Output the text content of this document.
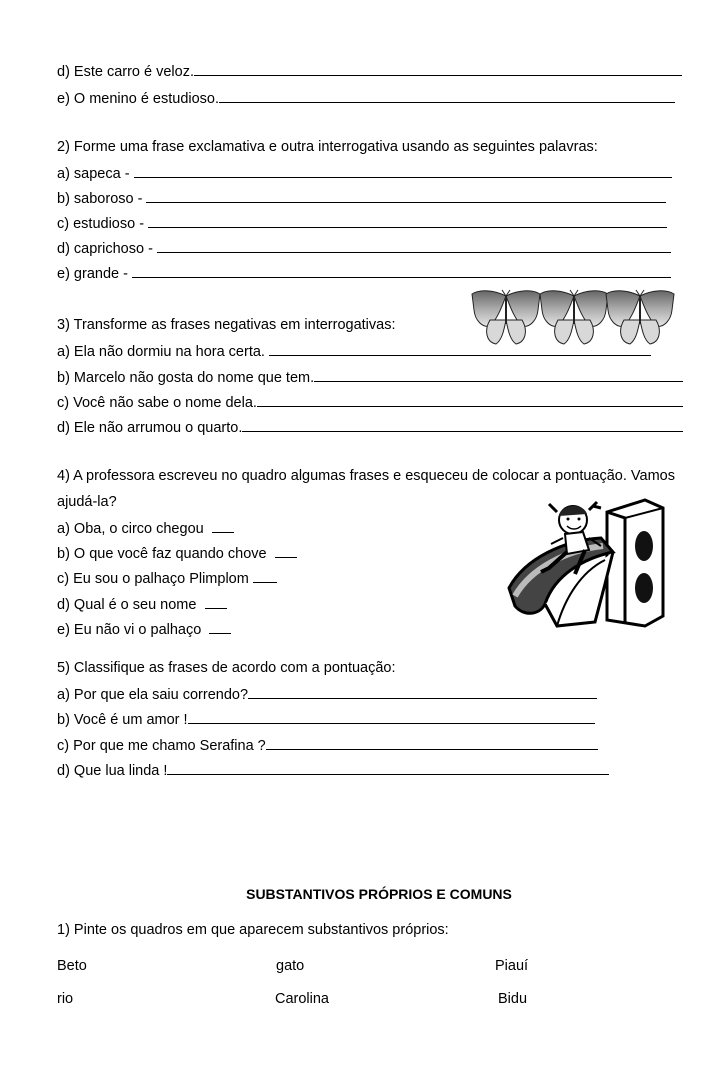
d) Este carro é veloz.
e) O menino é estudioso.
2) Forme uma frase exclamativa e outra interrogativa usando as seguintes palavras:
a) sapeca -
b) saboroso -
c) estudioso -
d) caprichoso -
e) grande -
3) Transforme as frases negativas em interrogativas:
a) Ela não dormiu na hora certa.
b) Marcelo não gosta do nome que tem.
c) Você não sabe o nome dela.
d) Ele não arrumou o quarto.
4) A professora escreveu no quadro algumas frases e esqueceu de colocar a pontuação. Vamos
ajudá-la?
a) Oba, o circo chegou
b) O que você faz quando chove
c) Eu sou o palhaço Plimplom
d) Qual é o seu nome
e) Eu não vi o palhaço
5) Classifique as frases de acordo com a pontuação:
a) Por que ela saiu correndo?
b) Você é um amor !
c) Por que me chamo Serafina ?
d) Que lua linda !
SUBSTANTIVOS PRÓPRIOS E COMUNS
1) Pinte os quadros em que aparecem substantivos próprios:
Beto	gato	Piauí
rio	Carolina	Bidu
